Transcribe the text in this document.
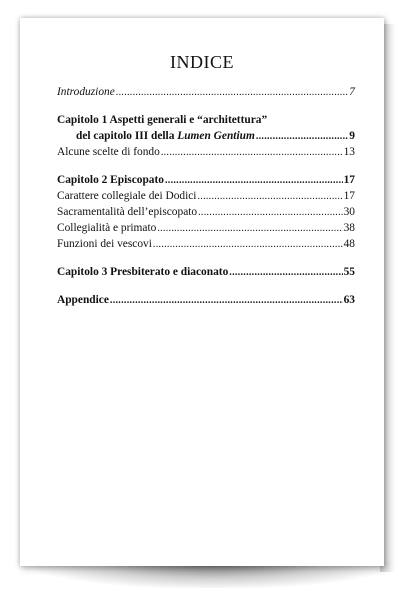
INDICE
Introduzione .....	7
Capitolo 1 Aspetti generali e “architettura”
del capitolo III della Lumen Gentium .....	9
Alcune scelte di fondo .....	13
Capitolo 2 Episcopato .....	17
Carattere collegiale dei Dodici .....	17
Sacramentalità dell’episcopato .....	30
Collegialità e primato .....	38
Funzioni dei vescovi .....	48
Capitolo 3 Presbiterato e diaconato .....	55
Appendice .....	63
